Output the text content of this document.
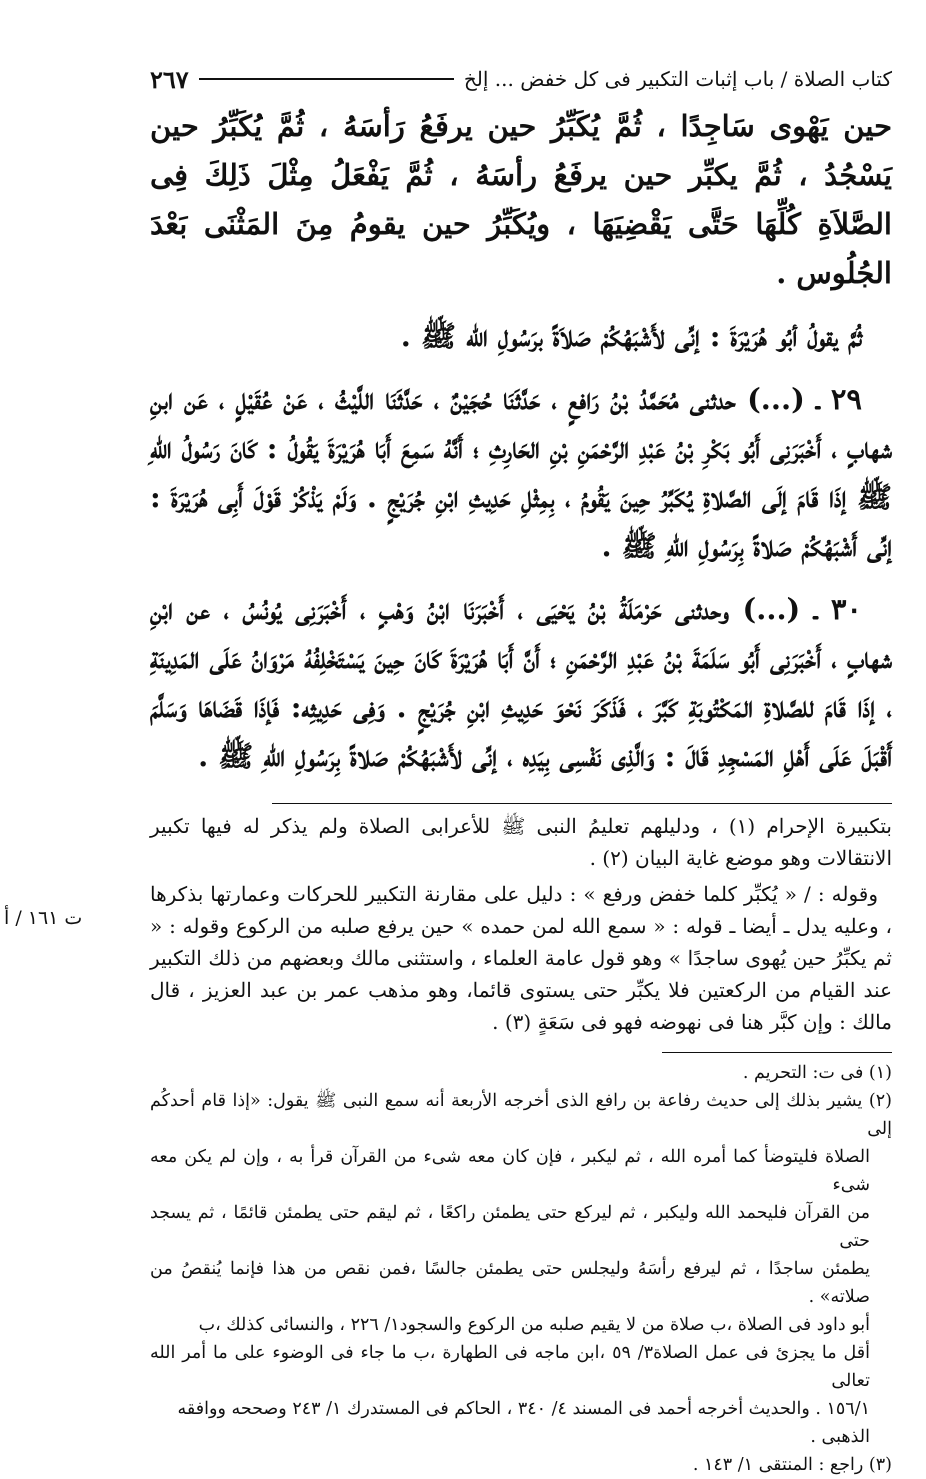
كتاب الصلاة / باب إثبات التكبير فى كل خفض ... إلخ
٢٦٧

حين يَهْوى سَاجِدًا ، ثُمَّ يُكَبِّرُ حين يرفَعُ رَأسَهُ ، ثُمَّ يُكَبِّرُ حين يَسْجُدُ ، ثُمَّ يكبِّر حين يرفَعُ رأسَهُ ، ثُمَّ يَفْعَلُ مِثْلَ ذَلِكَ فِى الصَّلاَةِ كُلِّهَا حَتَّى يَقْضِيَهَا ، ويُكَبِّرُ حين يقومُ مِنَ المَثْنَى بَعْدَ الجُلُوس .

ثُمَّ يقولُ أبُو هُرَيْرَةَ : إنِّى لأَشْبَهُكُمْ صَلاَةً برَسُولِ الله ﷺ .

٢٩ ـ (...) حدثنى مُحَمَّدُ بْنُ رَافعٍ ، حَدَّثَنَا حُجَيْنٌ ، حَدَّثَنَا اللَّيْثُ ، عَنْ عُقَيْلٍ ، عَن ابنِ شهابٍ ، أَخْبَرَنِى أَبُو بَكْرِ بْنُ عَبْدِ الرَّحْمَنِ بْنِ الحَارِثِ ؛ أَنَّهُ سَمِعَ أَبَا هُرَيْرَةَ يَقُولُ : كَانَ رَسُولُ اللهِ ﷺ إذَا قَامَ إلَى الصَّلاةِ يُكَبِّرُ حِينَ يَقُومُ ، بِمِثْلِ حَدِيثِ ابْنِ جُرَيْجٍ . وَلَمْ يَذْكُرْ قَوْلَ أَبِى هُرَيْرَةَ : إنِّى أَشْبَهُكُمْ صَلاةً بِرَسُولِ اللهِ ﷺ .

٣٠ ـ (...) وحدثنى حَرْمَلَةُ بْنُ يَحْيَى ، أَخْبَرَنَا ابْنُ وَهْبٍ ، أَخْبَرَنِى يُونُسُ ، عن ابْنِ شهابٍ ، أَخْبَرَنِى أَبُو سَلَمَةَ بْنُ عَبْدِ الرَّحْمَنِ ؛ أَنَّ أَبَا هُرَيْرَةَ كَانَ حِينَ يَسْتَخْلِفُهُ مَرْوَانُ عَلَى المَدِينَةِ ، إذَا قَامَ للصَّلاةِ المَكْتُوبَةِ كَبَّرَ ، فَذَكَرَ نَحْوَ حَدِيثِ ابْنِ جُرَيْجٍ . وَفِى حَدِيثِه: فَإذَا قَضَاهَا وَسَلَّمَ أَقْبَلَ عَلَى أَهْلِ المَسْجِدِ قَالَ : وَالَّذِى نَفْسِى بِيَدِه ، إنِّى لأَشْبَهُكُمْ صَلاةً بِرَسُولِ اللهِ ﷺ .

ت ١٦١ / أ

بتكبيرة الإحرام (١) ، ودليلهم تعليمُ النبى ﷺ للأعرابى الصلاة ولم يذكر له فيها تكبير الانتقالات وهو موضع غاية البيان (٢) .

وقوله : / « يُكبِّر كلما خفض ورفع » : دليل على مقارنة التكبير للحركات وعمارتها بذكرها ، وعليه يدل ـ أيضا ـ قوله : « سمع الله لمن حمده » حين يرفع صلبه من الركوع وقوله : « ثم يكبِّرُ حين يُهوى ساجدًا » وهو قول عامة العلماء ، واستثنى مالك وبعضهم من ذلك التكبير عند القيام من الركعتين فلا يكبِّر حتى يستوى قائما، وهو مذهب عمر بن عبد العزيز ، قال مالك : وإن كبَّر هنا فى نهوضه فهو فى سَعَةٍ (٣) .

(١) فى ت: التحريم .

(٢) يشير بذلك إلى حديث رفاعة بن رافع الذى أخرجه الأربعة أنه سمع النبى ﷺ يقول: «إذا قام أحدكُم إلى

الصلاة فليتوضأ كما أمره الله ، ثم ليكبر ، فإن كان معه شىء من القرآن قرأ به ، وإن لم يكن معه شىء

من القرآن فليحمد الله وليكبر ، ثم ليركع حتى يطمئن راكعًا ، ثم ليقم حتى يطمئن قائمًا ، ثم يسجد حتى

يطمئن ساجدًا ، ثم ليرفع رأسَهُ وليجلس حتى يطمئن جالسًا ،فمن نقص من هذا فإنما يُنقصُ من صلاته» .

أبو داود فى الصلاة ،ب صلاة من لا يقيم صلبه من الركوع والسجود١/ ٢٢٦ ، والنسائى كذلك ،ب

أقل ما يجزئ فى عمل الصلاة٣/ ٥٩ ،ابن ماجه فى الطهارة ،ب ما جاء فى الوضوء على ما أمر الله تعالى

١٥٦/١ . والحديث أخرجه أحمد فى المسند ٤/ ٣٤٠ ، الحاكم فى المستدرك ١/ ٢٤٣ وصححه ووافقه

الذهبى .

(٣) راجع : المنتقى ١/ ١٤٣ .
